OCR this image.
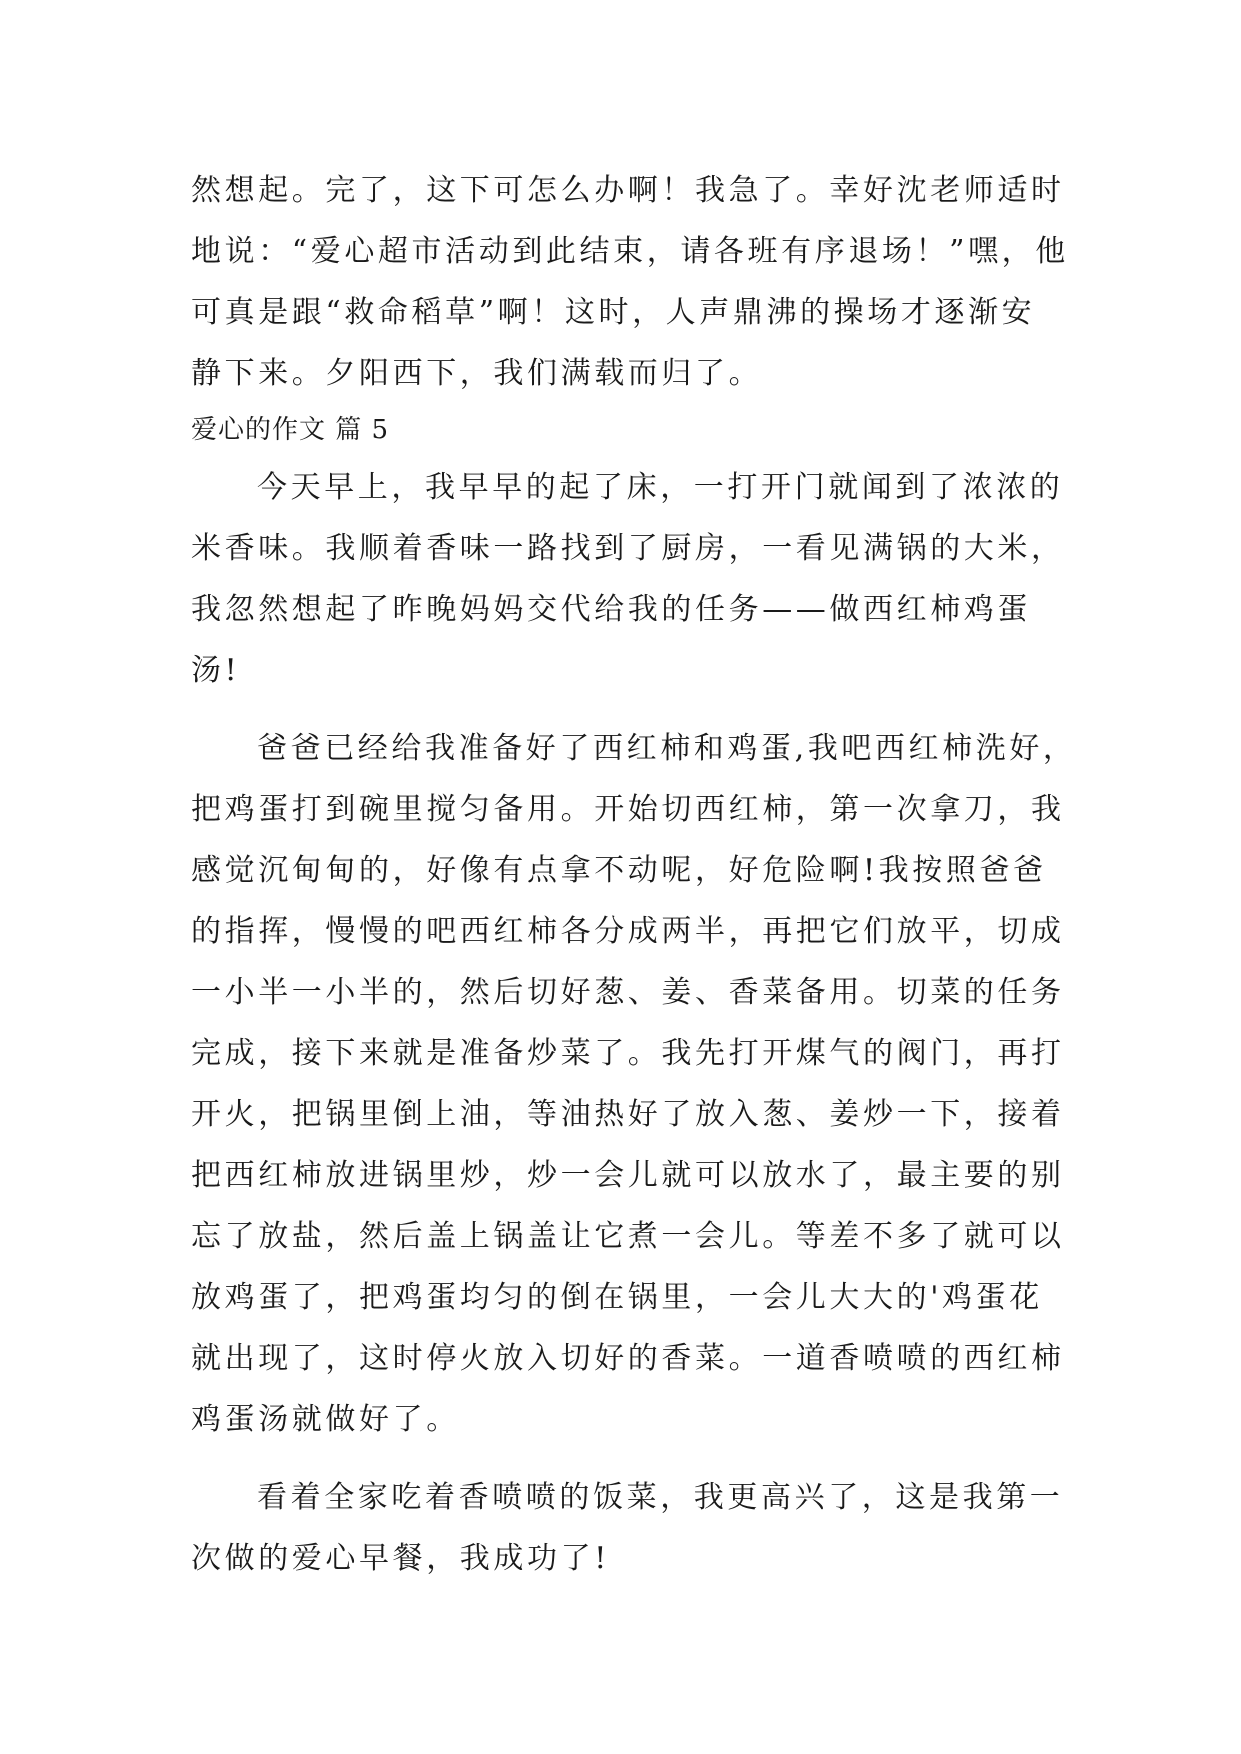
然想起。完了，这下可怎么办啊！我急了。幸好沈老师适时

地说：“爱心超市活动到此结束，请各班有序退场！”嘿，他

可真是跟“救命稻草”啊！这时，人声鼎沸的操场才逐渐安

静下来。夕阳西下，我们满载而归了。

爱心的作文 篇 5

今天早上，我早早的起了床，一打开门就闻到了浓浓的

米香味。我顺着香味一路找到了厨房，一看见满锅的大米，

我忽然想起了昨晚妈妈交代给我的任务——做西红柿鸡蛋

汤!

爸爸已经给我准备好了西红柿和鸡蛋,我吧西红柿洗好，

把鸡蛋打到碗里搅匀备用。开始切西红柿，第一次拿刀，我

感觉沉甸甸的，好像有点拿不动呢，好危险啊!我按照爸爸

的指挥，慢慢的吧西红柿各分成两半，再把它们放平，切成

一小半一小半的，然后切好葱、姜、香菜备用。切菜的任务

完成，接下来就是准备炒菜了。我先打开煤气的阀门，再打

开火，把锅里倒上油，等油热好了放入葱、姜炒一下，接着

把西红柿放进锅里炒，炒一会儿就可以放水了，最主要的别

忘了放盐，然后盖上锅盖让它煮一会儿。等差不多了就可以

放鸡蛋了，把鸡蛋均匀的倒在锅里，一会儿大大的'鸡蛋花

就出现了，这时停火放入切好的香菜。一道香喷喷的西红柿

鸡蛋汤就做好了。

看着全家吃着香喷喷的饭菜，我更高兴了，这是我第一

次做的爱心早餐，我成功了!
